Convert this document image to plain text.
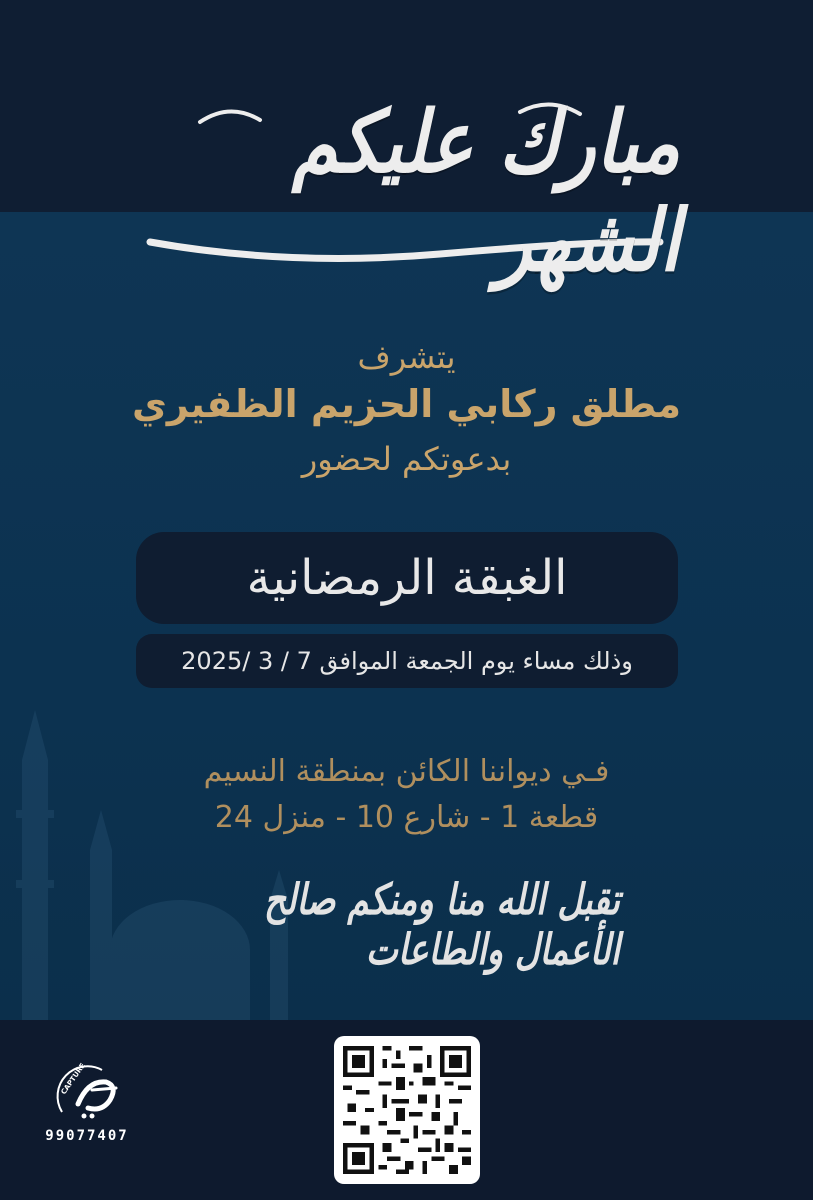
مبارك عليكم الشهر
يتشرف
مطلق ركابي الحزيم الظفيري
بدعوتكم لحضور
الغبقة الرمضانية
وذلك مساء يوم الجمعة الموافق 7 / 3 /2025
فـي ديواننا الكائن بمنطقة النسيم
قطعة 1 - شارع 10 - منزل 24
تقبل الله منا ومنكم صالح الأعمال والطاعات
CAPTURE
99077407
